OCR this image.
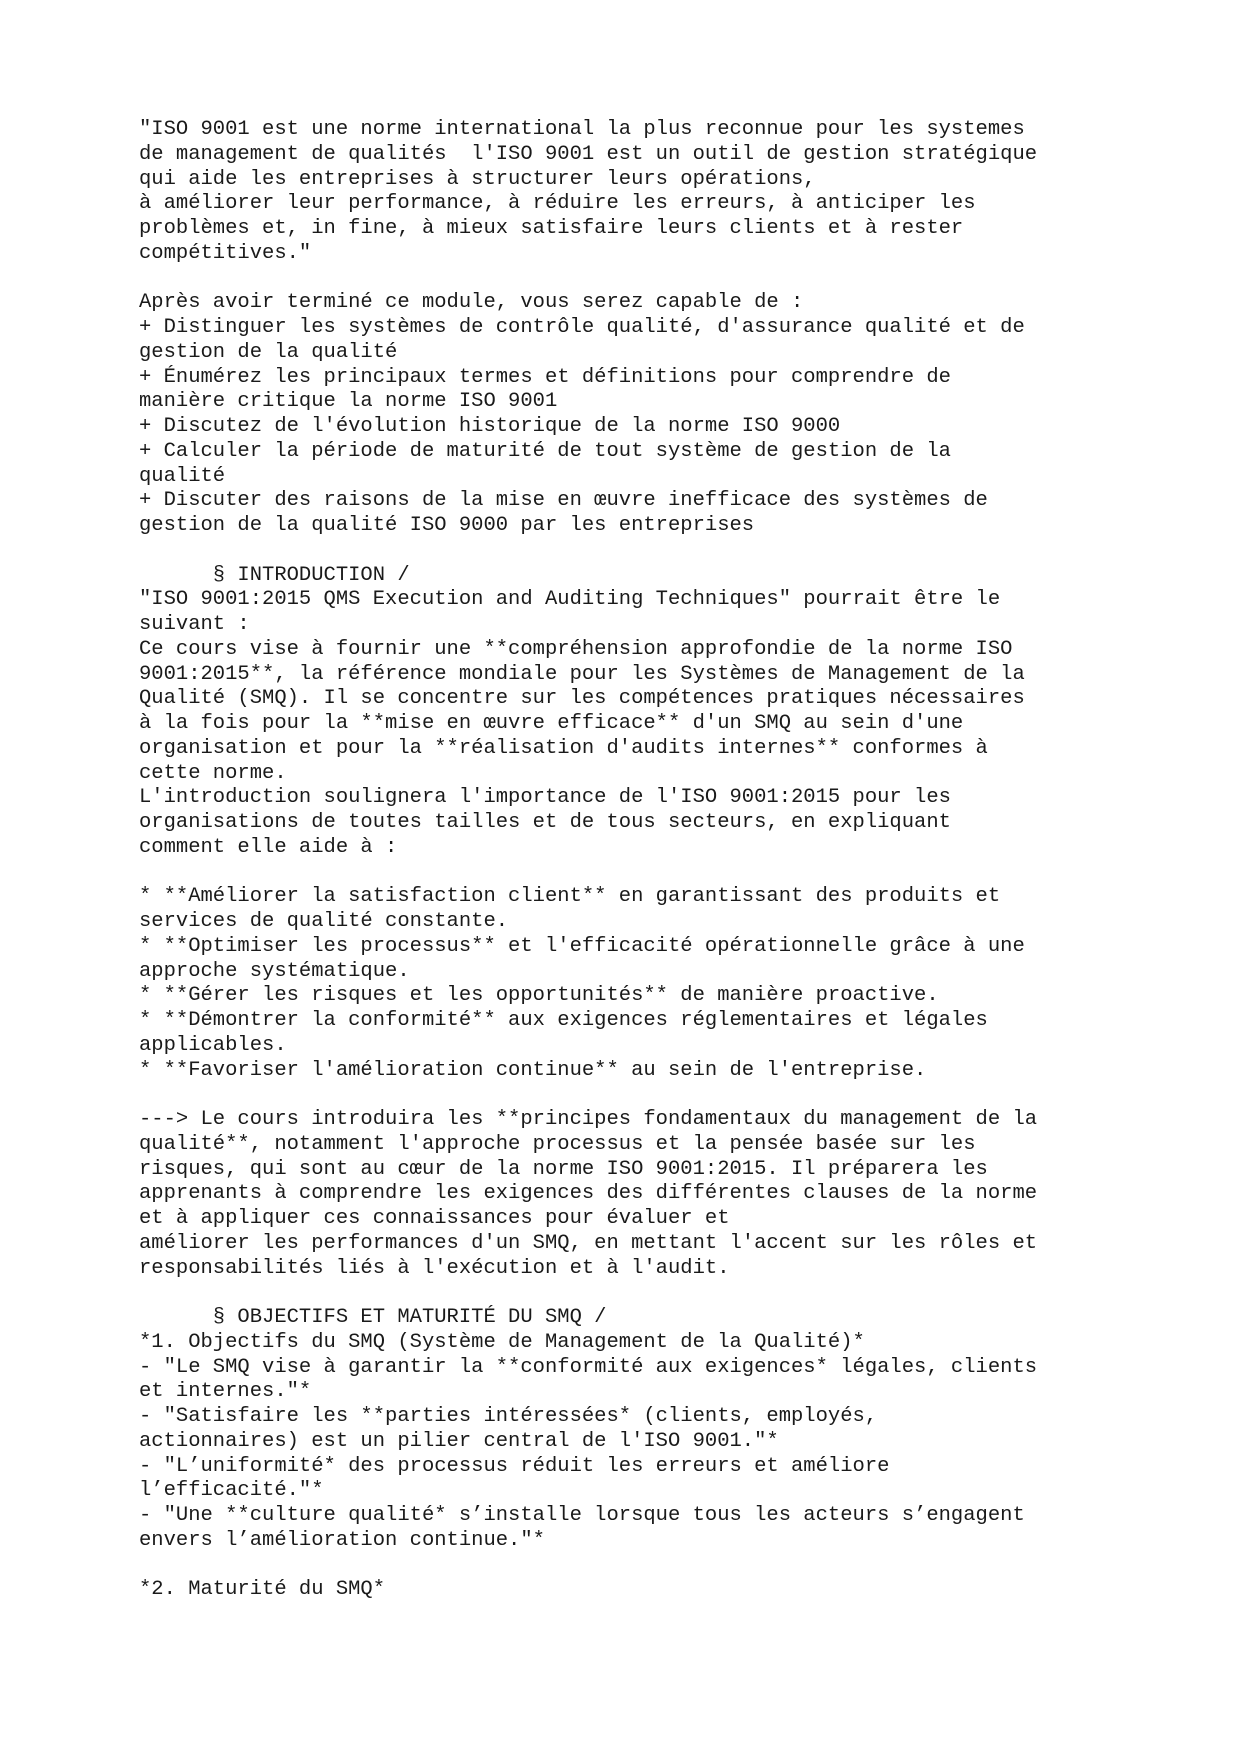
"ISO 9001 est une norme international la plus reconnue pour les systemes
de management de qualités  l'ISO 9001 est un outil de gestion stratégique
qui aide les entreprises à structurer leurs opérations,
à améliorer leur performance, à réduire les erreurs, à anticiper les
problèmes et, in fine, à mieux satisfaire leurs clients et à rester
compétitives."

Après avoir terminé ce module, vous serez capable de :
+ Distinguer les systèmes de contrôle qualité, d'assurance qualité et de
gestion de la qualité
+ Énumérez les principaux termes et définitions pour comprendre de
manière critique la norme ISO 9001
+ Discutez de l'évolution historique de la norme ISO 9000
+ Calculer la période de maturité de tout système de gestion de la
qualité
+ Discuter des raisons de la mise en œuvre inefficace des systèmes de
gestion de la qualité ISO 9000 par les entreprises

§ INTRODUCTION /
"ISO 9001:2015 QMS Execution and Auditing Techniques" pourrait être le
suivant :
Ce cours vise à fournir une **compréhension approfondie de la norme ISO
9001:2015**, la référence mondiale pour les Systèmes de Management de la
Qualité (SMQ). Il se concentre sur les compétences pratiques nécessaires
à la fois pour la **mise en œuvre efficace** d'un SMQ au sein d'une
organisation et pour la **réalisation d'audits internes** conformes à
cette norme.
L'introduction soulignera l'importance de l'ISO 9001:2015 pour les
organisations de toutes tailles et de tous secteurs, en expliquant
comment elle aide à :

* **Améliorer la satisfaction client** en garantissant des produits et
services de qualité constante.
* **Optimiser les processus** et l'efficacité opérationnelle grâce à une
approche systématique.
* **Gérer les risques et les opportunités** de manière proactive.
* **Démontrer la conformité** aux exigences réglementaires et légales
applicables.
* **Favoriser l'amélioration continue** au sein de l'entreprise.

---> Le cours introduira les **principes fondamentaux du management de la
qualité**, notamment l'approche processus et la pensée basée sur les
risques, qui sont au cœur de la norme ISO 9001:2015. Il préparera les
apprenants à comprendre les exigences des différentes clauses de la norme
et à appliquer ces connaissances pour évaluer et
améliorer les performances d'un SMQ, en mettant l'accent sur les rôles et
responsabilités liés à l'exécution et à l'audit.

§ OBJECTIFS ET MATURITÉ DU SMQ /
*1. Objectifs du SMQ (Système de Management de la Qualité)*
- "Le SMQ vise à garantir la **conformité aux exigences* légales, clients
et internes."*
- "Satisfaire les **parties intéressées* (clients, employés,
actionnaires) est un pilier central de l'ISO 9001."*
- "L’uniformité* des processus réduit les erreurs et améliore
l’efficacité."*
- "Une **culture qualité* s’installe lorsque tous les acteurs s’engagent
envers l’amélioration continue."*

*2. Maturité du SMQ*
